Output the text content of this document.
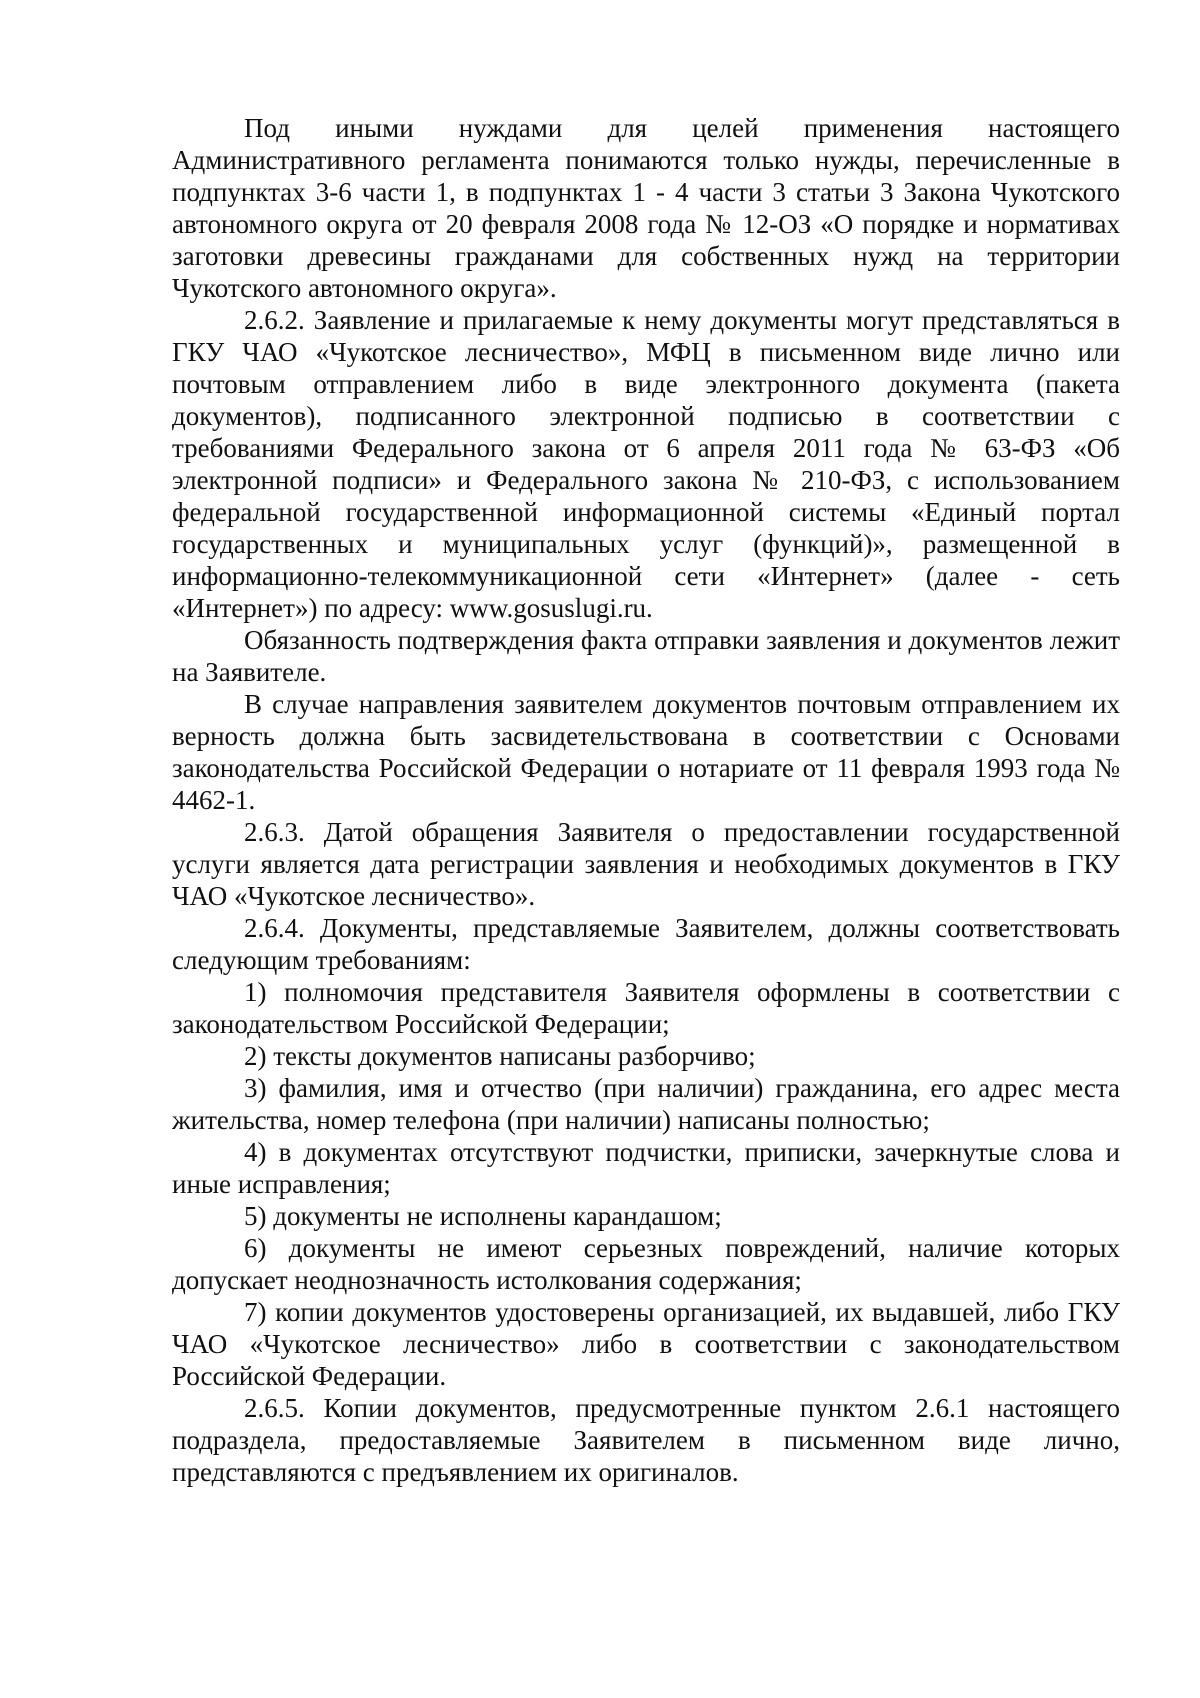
Под иными нуждами для целей применения настоящего Административного регламента понимаются только нужды, перечисленные в подпунктах 3-6 части 1, в подпунктах 1 - 4 части 3 статьи 3 Закона Чукотского автономного округа от 20 февраля 2008 года № 12-ОЗ «О порядке и нормативах заготовки древесины гражданами для собственных нужд на территории Чукотского автономного округа».

2.6.2. Заявление и прилагаемые к нему документы могут представляться в ГКУ ЧАО «Чукотское лесничество», МФЦ в письменном виде лично или почтовым отправлением либо в виде электронного документа (пакета документов), подписанного электронной подписью в соответствии с требованиями Федерального закона от 6 апреля 2011 года № 63-ФЗ «Об электронной подписи» и Федерального закона № 210-ФЗ, с использованием федеральной государственной информационной системы «Единый портал государственных и муниципальных услуг (функций)», размещенной в информационно-телекоммуникационной сети «Интернет» (далее - сеть «Интернет») по адресу: www.gosuslugi.ru.

Обязанность подтверждения факта отправки заявления и документов лежит на Заявителе.

В случае направления заявителем документов почтовым отправлением их верность должна быть засвидетельствована в соответствии с Основами законодательства Российской Федерации о нотариате от 11 февраля 1993 года № 4462-1.

2.6.3. Датой обращения Заявителя о предоставлении государственной услуги является дата регистрации заявления и необходимых документов в ГКУ ЧАО «Чукотское лесничество».

2.6.4. Документы, представляемые Заявителем, должны соответствовать следующим требованиям:

1) полномочия представителя Заявителя оформлены в соответствии с законодательством Российской Федерации;

2) тексты документов написаны разборчиво;

3) фамилия, имя и отчество (при наличии) гражданина, его адрес места жительства, номер телефона (при наличии) написаны полностью;

4) в документах отсутствуют подчистки, приписки, зачеркнутые слова и иные исправления;

5) документы не исполнены карандашом;

6) документы не имеют серьезных повреждений, наличие которых допускает неоднозначность истолкования содержания;

7) копии документов удостоверены организацией, их выдавшей, либо ГКУ ЧАО «Чукотское лесничество» либо в соответствии с законодательством Российской Федерации.

2.6.5. Копии документов, предусмотренные пунктом 2.6.1 настоящего подраздела, предоставляемые Заявителем в письменном виде лично, представляются с предъявлением их оригиналов.
